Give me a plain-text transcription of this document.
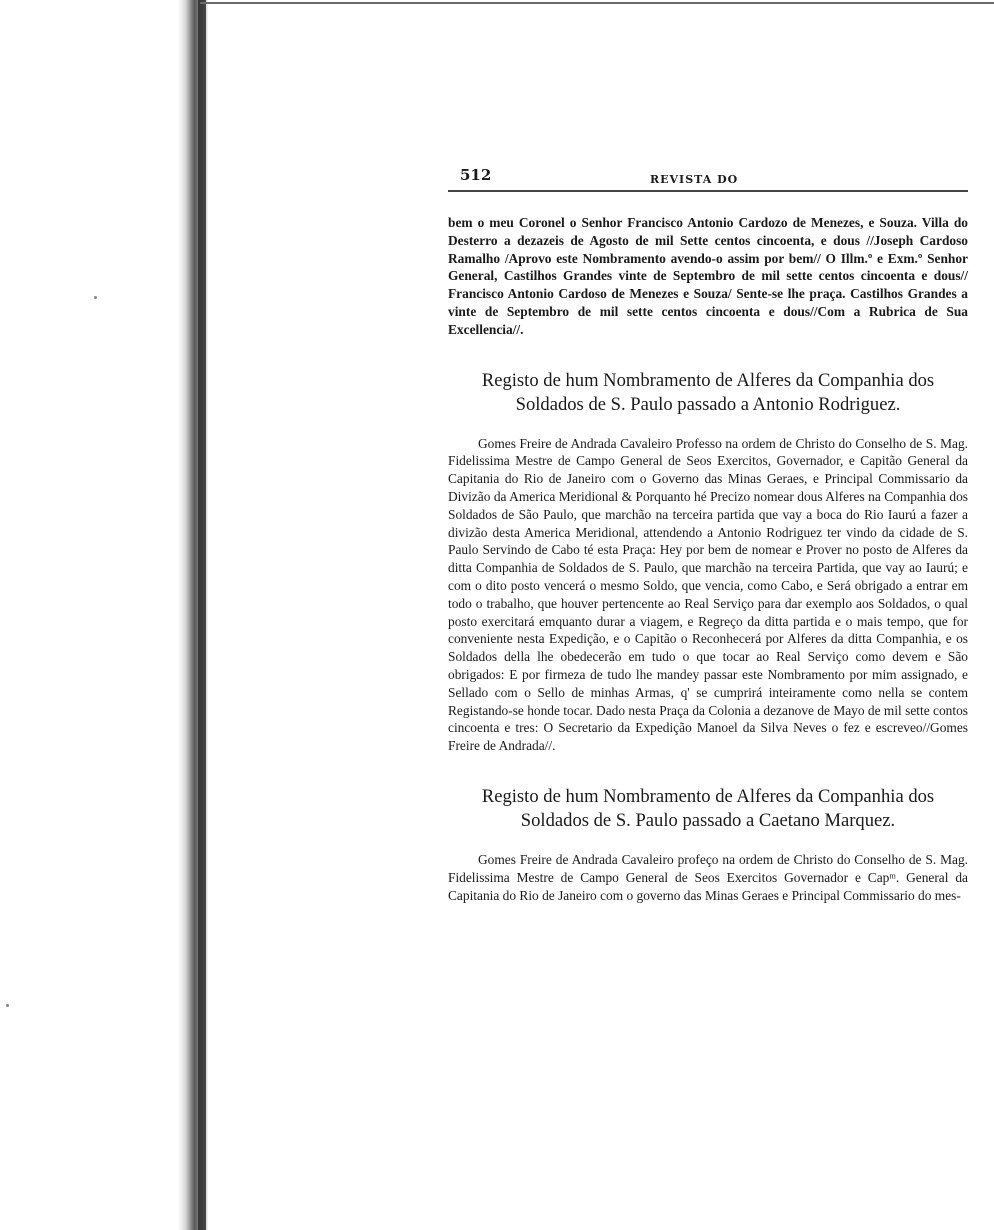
512	REVISTA DO

bem o meu Coronel o Senhor Francisco Antonio Cardozo de Menezes, e Souza. Villa do Desterro a dezazeis de Agosto de mil Sette centos cincoenta, e dous //Joseph Cardoso Ramalho /Aprovo este Nombramento avendo-o assim por bem// O Illm.º e Exm.º Senhor General, Castilhos Grandes vinte de Septembro de mil sette centos cincoenta e dous// Francisco Antonio Cardoso de Menezes e Souza/ Sente-se lhe praça. Castilhos Grandes a vinte de Septembro de mil sette centos cincoenta e dous//Com a Rubrica de Sua Excellencia//.

Registo de hum Nombramento de Alferes da Companhia dos
Soldados de S. Paulo passado a Antonio Rodriguez.

Gomes Freire de Andrada Cavaleiro Professo na ordem de Christo do Conselho de S. Mag. Fidelissima Mestre de Campo General de Seos Exercitos, Governador, e Capitão General da Capitania do Rio de Janeiro com o Governo das Minas Geraes, e Principal Commissario da Divizão da America Meridional & Porquanto hé Precizo nomear dous Alferes na Companhia dos Soldados de São Paulo, que marchão na terceira partida que vay a boca do Rio Iaurú a fazer a divizão desta America Meridional, attendendo a Antonio Rodriguez ter vindo da cidade de S. Paulo Servindo de Cabo té esta Praça: Hey por bem de nomear e Prover no posto de Alferes da ditta Companhia de Soldados de S. Paulo, que marchão na terceira Partida, que vay ao Iaurú; e com o dito posto vencerá o mesmo Soldo, que vencia, como Cabo, e Será obrigado a entrar em todo o trabalho, que houver pertencente ao Real Serviço para dar exemplo aos Soldados, o qual posto exercitará emquanto durar a viagem, e Regreço da ditta partida e o mais tempo, que for conveniente nesta Expedição, e o Capitão o Reconhecerá por Alferes da ditta Companhia, e os Soldados della lhe obedecerão em tudo o que tocar ao Real Serviço como devem e São obrigados: E por firmeza de tudo lhe mandey passar este Nombramento por mim assignado, e Sellado com o Sello de minhas Armas, q' se cumprirá inteiramente como nella se contem Registando-se honde tocar. Dado nesta Praça da Colonia a dezanove de Mayo de mil sette contos cincoenta e tres: O Secretario da Expedição Manoel da Silva Neves o fez e escreveo//Gomes Freire de Andrada//.

Registo de hum Nombramento de Alferes da Companhia dos
Soldados de S. Paulo passado a Caetano Marquez.

Gomes Freire de Andrada Cavaleiro profeço na ordem de Christo do Conselho de S. Mag. Fidelissima Mestre de Campo General de Seos Exercitos Governador e Capᵐ. General da Capitania do Rio de Janeiro com o governo das Minas Geraes e Principal Commissario do mes-
